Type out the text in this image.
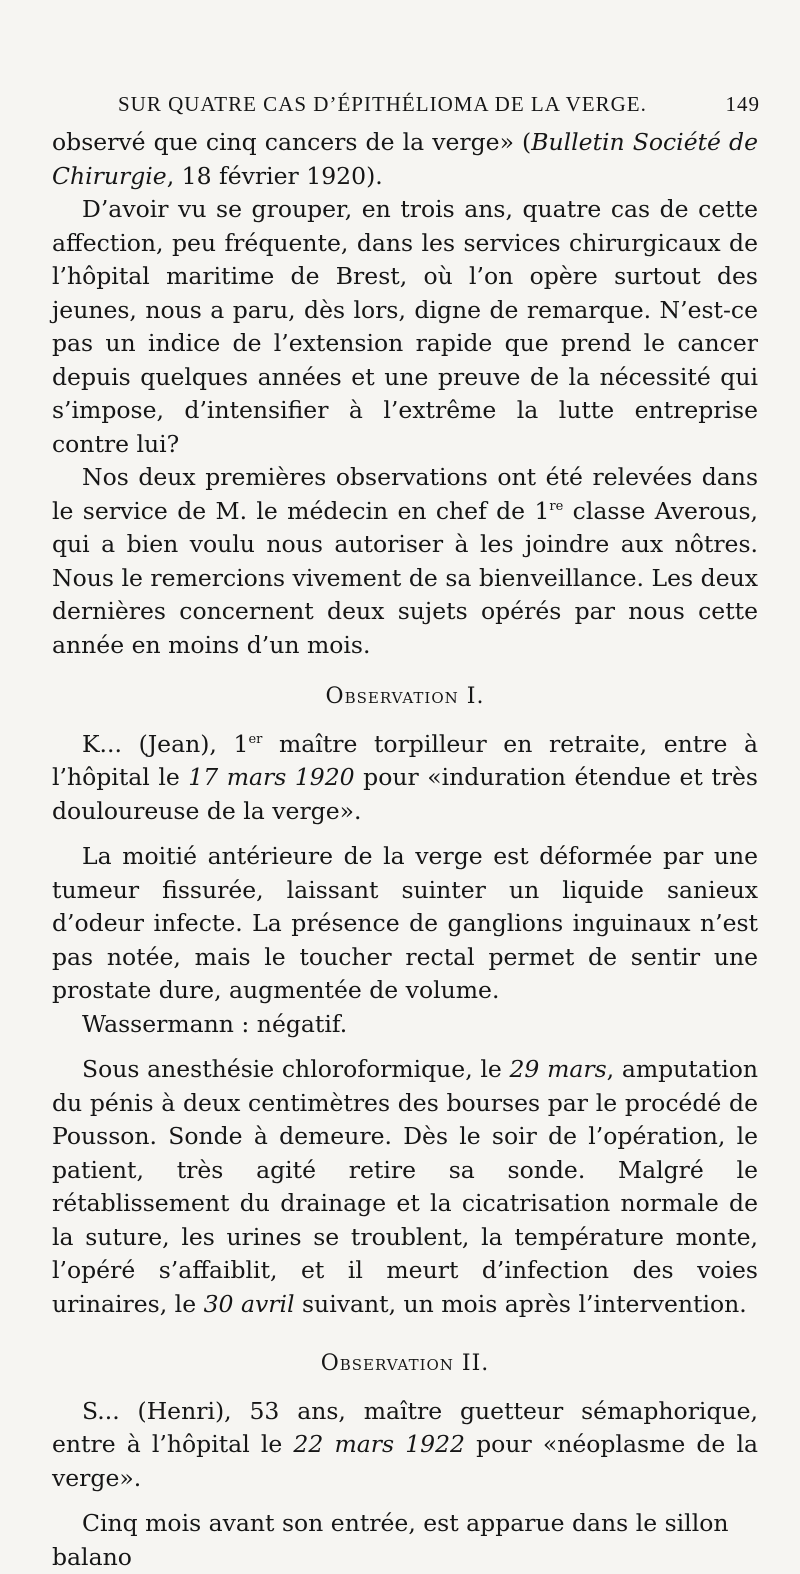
SUR QUATRE CAS D’ÉPITHÉLIOMA DE LA VERGE.	149

observé que cinq cancers de la verge» (Bulletin Société de Chirurgie, 18 février 1920).

D’avoir vu se grouper, en trois ans, quatre cas de cette affection, peu fréquente, dans les services chirurgicaux de l’hôpital maritime de Brest, où l’on opère surtout des jeunes, nous a paru, dès lors, digne de remarque. N’est-ce pas un indice de l’extension rapide que prend le cancer depuis quelques années et une preuve de la nécessité qui s’impose, d’intensifier à l’extrême la lutte entreprise contre lui?

Nos deux premières observations ont été relevées dans le service de M. le médecin en chef de 1re classe Averous, qui a bien voulu nous autoriser à les joindre aux nôtres. Nous le remercions vivement de sa bienveillance. Les deux dernières concernent deux sujets opérés par nous cette année en moins d’un mois.

Observation I.

K... (Jean), 1er maître torpilleur en retraite, entre à l’hôpital le 17 mars 1920 pour «induration étendue et très douloureuse de la verge».

La moitié antérieure de la verge est déformée par une tumeur fissurée, laissant suinter un liquide sanieux d’odeur infecte. La présence de ganglions inguinaux n’est pas notée, mais le toucher rectal permet de sentir une prostate dure, augmentée de volume.

Wassermann : négatif.

Sous anesthésie chloroformique, le 29 mars, amputation du pénis à deux centimètres des bourses par le procédé de Pousson. Sonde à demeure. Dès le soir de l’opération, le patient, très agité retire sa sonde. Malgré le rétablissement du drainage et la cicatrisation normale de la suture, les urines se troublent, la température monte, l’opéré s’affaiblit, et il meurt d’infection des voies urinaires, le 30 avril suivant, un mois après l’intervention.

Observation II.

S... (Henri), 53 ans, maître guetteur sémaphorique, entre à l’hôpital le 22 mars 1922 pour «néoplasme de la verge».

Cinq mois avant son entrée, est apparue dans le sillon balano
